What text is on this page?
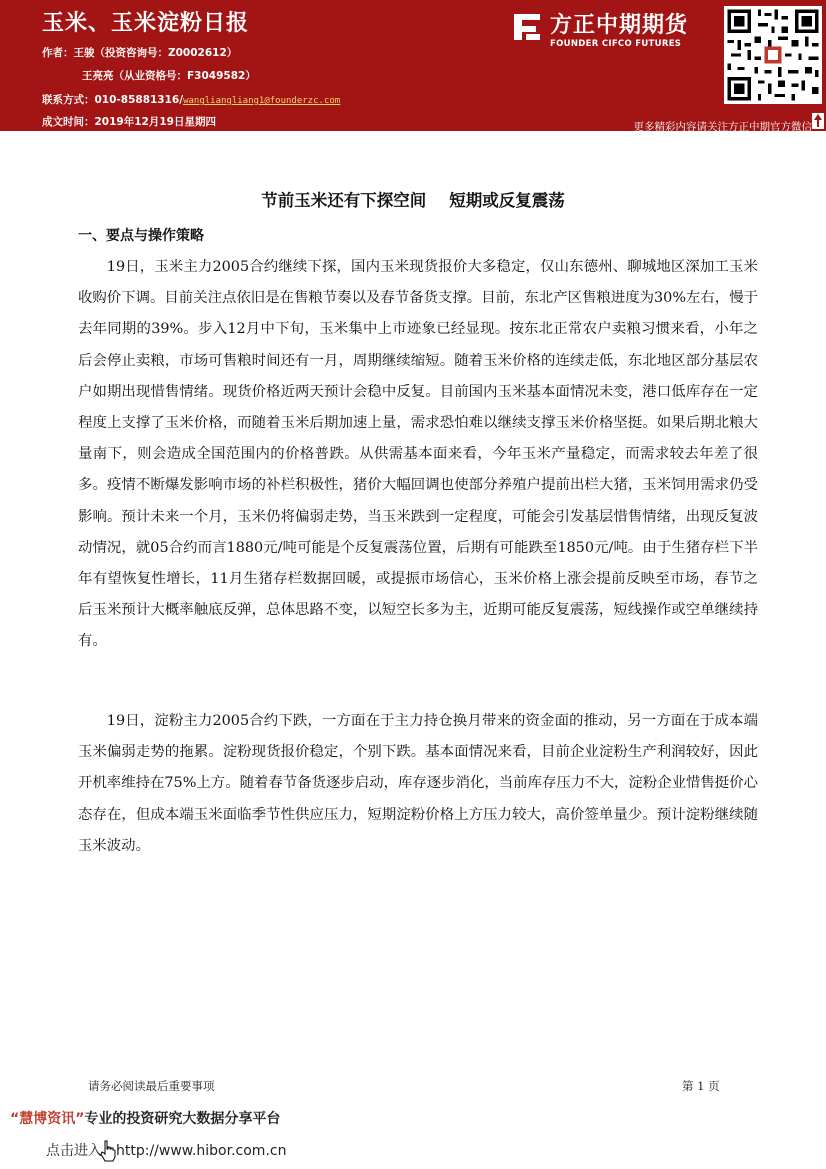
玉米、玉米淀粉日报
作者：王骏（投资咨询号：Z0002612）
王亮亮（从业资格号：F3049582）
联系方式：010-85881316/wangliangliang1@founderzc.com
成文时间：2019年12月19日星期四
方正中期期货
FOUNDER CIFCO FUTURES
更多精彩内容请关注方正中期官方微信
节前玉米还有下探空间    短期或反复震荡
一、要点与操作策略

19日，玉米主力2005合约继续下探，国内玉米现货报价大多稳定，仅山东德州、聊城地区深加工玉米收购价下调。目前关注点依旧是在售粮节奏以及春节备货支撑。目前，东北产区售粮进度为30%左右，慢于去年同期的39%。步入12月中下旬，玉米集中上市迹象已经显现。按东北正常农户卖粮习惯来看，小年之后会停止卖粮，市场可售粮时间还有一月，周期继续缩短。随着玉米价格的连续走低，东北地区部分基层农户如期出现惜售情绪。现货价格近两天预计会稳中反复。目前国内玉米基本面情况未变，港口低库存在一定程度上支撑了玉米价格，而随着玉米后期加速上量，需求恐怕难以继续支撑玉米价格坚挺。如果后期北粮大量南下，则会造成全国范围内的价格普跌。从供需基本面来看，今年玉米产量稳定，而需求较去年差了很多。疫情不断爆发影响市场的补栏积极性，猪价大幅回调也使部分养殖户提前出栏大猪，玉米饲用需求仍受影响。预计未来一个月，玉米仍将偏弱走势，当玉米跌到一定程度，可能会引发基层惜售情绪，出现反复波动情况，就05合约而言1880元/吨可能是个反复震荡位置，后期有可能跌至1850元/吨。由于生猪存栏下半年有望恢复性增长，11月生猪存栏数据回暖，或提振市场信心，玉米价格上涨会提前反映至市场，春节之后玉米预计大概率触底反弹，总体思路不变，以短空长多为主，近期可能反复震荡，短线操作或空单继续持有。

19日，淀粉主力2005合约下跌，一方面在于主力持仓换月带来的资金面的推动，另一方面在于成本端玉米偏弱走势的拖累。淀粉现货报价稳定，个别下跌。基本面情况来看，目前企业淀粉生产利润较好，因此开机率维持在75%上方。随着春节备货逐步启动，库存逐步消化，当前库存压力不大，淀粉企业惜售挺价心态存在，但成本端玉米面临季节性供应压力，短期淀粉价格上方压力较大，高价签单量少。预计淀粉继续随玉米波动。

请务必阅读最后重要事项	第 1 页
“慧博资讯”专业的投资研究大数据分享平台
点击进入 http://www.hibor.com.cn
